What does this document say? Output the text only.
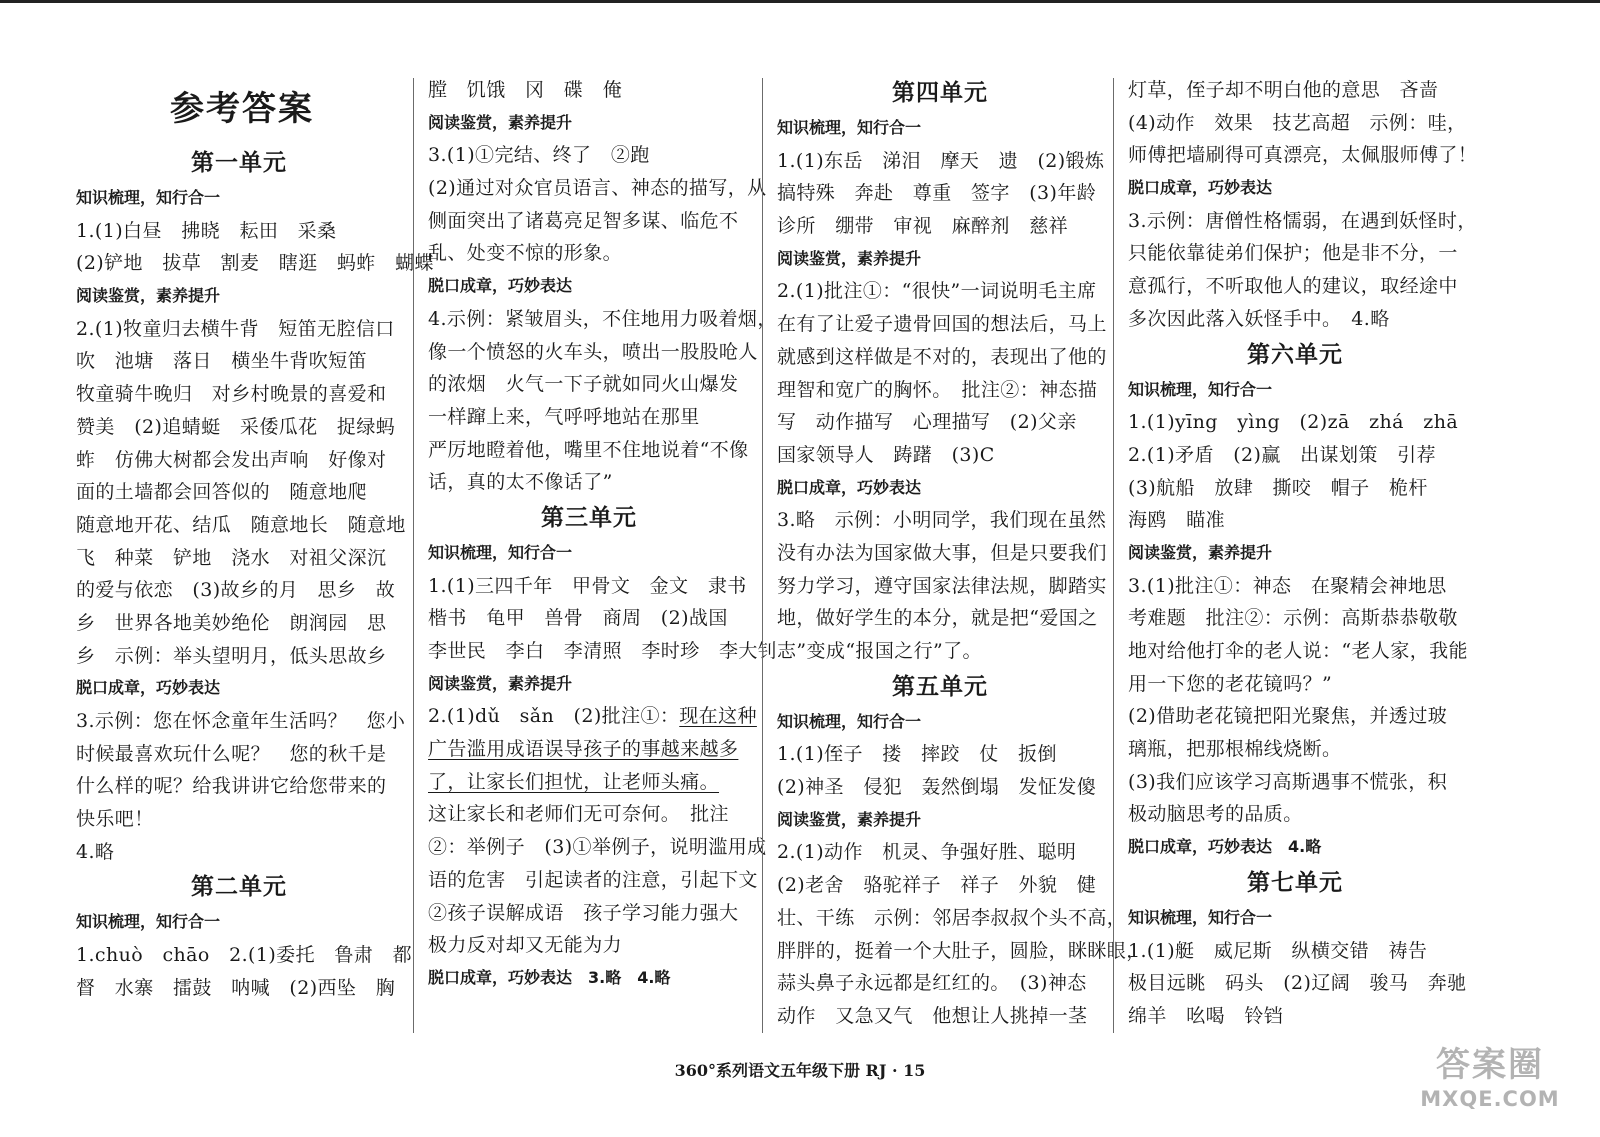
参考答案
第一单元
知识梳理，知行合一
1.(1)白昼　拂晓　耘田　采桑
(2)铲地　拔草　割麦　瞎逛　蚂蚱　蝴蝶
阅读鉴赏，素养提升
2.(1)牧童归去横牛背　短笛无腔信口
吹　池塘　落日　横坐牛背吹短笛
牧童骑牛晚归　对乡村晚景的喜爱和
赞美　(2)追蜻蜓　采倭瓜花　捉绿蚂
蚱　仿佛大树都会发出声响　好像对
面的土墙都会回答似的　随意地爬
随意地开花、结瓜　随意地长　随意地
飞　种菜　铲地　浇水　对祖父深沉
的爱与依恋　(3)故乡的月　思乡　故
乡　世界各地美妙绝伦　朗润园　思
乡　示例：举头望明月，低头思故乡
脱口成章，巧妙表达
3.示例：您在怀念童年生活吗？　您小
时候最喜欢玩什么呢？　您的秋千是
什么样的呢？给我讲讲它给您带来的
快乐吧！
4.略
第二单元
知识梳理，知行合一
1.chuò　chāo　2.(1)委托　鲁肃　都
督　水寨　擂鼓　呐喊　(2)西坠　胸
膛　饥饿　冈　碟　俺
阅读鉴赏，素养提升
3.(1)①完结、终了　②跑
(2)通过对众官员语言、神态的描写，从
侧面突出了诸葛亮足智多谋、临危不
乱、处变不惊的形象。
脱口成章，巧妙表达
4.示例：紧皱眉头，不住地用力吸着烟，
像一个愤怒的火车头，喷出一股股呛人
的浓烟　火气一下子就如同火山爆发
一样蹿上来，气呼呼地站在那里
严厉地瞪着他，嘴里不住地说着“不像
话，真的太不像话了”
第三单元
知识梳理，知行合一
1.(1)三四千年　甲骨文　金文　隶书
楷书　龟甲　兽骨　商周　(2)战国
李世民　李白　李清照　李时珍　李大钊
阅读鉴赏，素养提升
2.(1)dǔ　sǎn　(2)批注①：现在这种
广告滥用成语误导孩子的事越来越多
了，让家长们担忧，让老师头痛。
这让家长和老师们无可奈何。　批注
②：举例子　(3)①举例子，说明滥用成
语的危害　引起读者的注意，引起下文
②孩子误解成语　孩子学习能力强大
极力反对却又无能为力
脱口成章，巧妙表达　3.略　4.略
第四单元
知识梳理，知行合一
1.(1)东岳　涕泪　摩天　遗　(2)锻炼
搞特殊　奔赴　尊重　签字　(3)年龄
诊所　绷带　审视　麻醉剂　慈祥
阅读鉴赏，素养提升
2.(1)批注①：“很快”一词说明毛主席
在有了让爱子遗骨回国的想法后，马上
就感到这样做是不对的，表现出了他的
理智和宽广的胸怀。　批注②：神态描
写　动作描写　心理描写　(2)父亲
国家领导人　踌躇　(3)C
脱口成章，巧妙表达
3.略　示例：小明同学，我们现在虽然
没有办法为国家做大事，但是只要我们
努力学习，遵守国家法律法规，脚踏实
地，做好学生的本分，就是把“爱国之
志”变成“报国之行”了。
第五单元
知识梳理，知行合一
1.(1)侄子　搂　摔跤　仗　扳倒
(2)神圣　侵犯　轰然倒塌　发怔发傻
阅读鉴赏，素养提升
2.(1)动作　机灵、争强好胜、聪明
(2)老舍　骆驼祥子　祥子　外貌　健
壮、干练　示例：邻居李叔叔个头不高，
胖胖的，挺着一个大肚子，圆脸，眯眯眼，
蒜头鼻子永远都是红红的。　(3)神态
动作　又急又气　他想让人挑掉一茎
灯草，侄子却不明白他的意思　吝啬
(4)动作　效果　技艺高超　示例：哇，
师傅把墙刷得可真漂亮，太佩服师傅了！
脱口成章，巧妙表达
3.示例：唐僧性格懦弱，在遇到妖怪时，
只能依靠徒弟们保护；他是非不分，一
意孤行，不听取他人的建议，取经途中
多次因此落入妖怪手中。　4.略
第六单元
知识梳理，知行合一
1.(1)yīng　yìng　(2)zā　zhá　zhā
2.(1)矛盾　(2)赢　出谋划策　引荐
(3)航船　放肆　撕咬　帽子　桅杆
海鸥　瞄准
阅读鉴赏，素养提升
3.(1)批注①：神态　在聚精会神地思
考难题　批注②：示例：高斯恭恭敬敬
地对给他打伞的老人说：“老人家，我能
用一下您的老花镜吗？”
(2)借助老花镜把阳光聚焦，并透过玻
璃瓶，把那根棉线烧断。
(3)我们应该学习高斯遇事不慌张，积
极动脑思考的品质。
脱口成章，巧妙表达　4.略
第七单元
知识梳理，知行合一
1.(1)艇　威尼斯　纵横交错　祷告
极目远眺　码头　(2)辽阔　骏马　奔驰
绵羊　吆喝　铃铛
360°系列语文五年级下册 RJ · 15	答案圈
MXQE.COM
